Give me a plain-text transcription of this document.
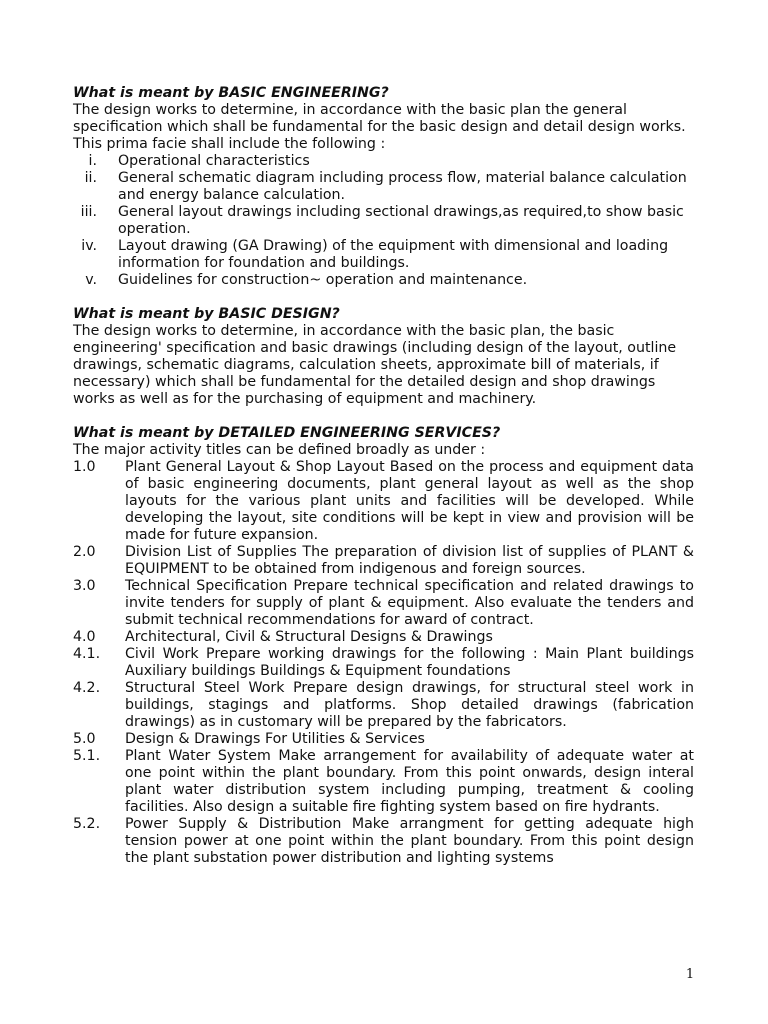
What is meant by BASIC ENGINEERING?

The design works to determine, in accordance with the basic plan the general specification which shall be fundamental for the basic design and detail design works.

This prima facie shall include the following :

i. Operational characteristics
ii. General schematic diagram including process flow, material balance calculation and energy balance calculation.
iii. General layout drawings including sectional drawings,as required,to show basic operation.
iv. Layout drawing (GA Drawing) of the equipment with dimensional and loading information for foundation and buildings.
v. Guidelines for construction~ operation and maintenance.

What is meant by BASIC DESIGN?

The design works to determine, in accordance with the basic plan, the basic engineering' specification and basic drawings (including design of the layout, outline drawings, schematic diagrams, calculation sheets, approximate bill of materials, if necessary) which shall be fundamental for the detailed design and shop drawings works as well as for the purchasing of equipment and machinery.

What is meant by DETAILED ENGINEERING SERVICES?

The major activity titles can be defined broadly as under :

1.0 Plant General Layout & Shop Layout Based on the process and equipment data of basic engineering documents, plant general layout as well as the shop layouts for the various plant units and facilities will be developed. While developing the layout, site conditions will be kept in view and provision will be made for future expansion.
2.0 Division List of Supplies The preparation of division list of supplies of PLANT & EQUIPMENT to be obtained from indigenous and foreign sources.
3.0 Technical Specification Prepare technical specification and related drawings to invite tenders for supply of plant & equipment. Also evaluate the tenders and submit technical recommendations for award of contract.
4.0 Architectural, Civil & Structural Designs & Drawings
4.1. Civil Work Prepare working drawings for the following : Main Plant buildings Auxiliary buildings Buildings & Equipment foundations
4.2. Structural Steel Work Prepare design drawings, for structural steel work in buildings, stagings and platforms. Shop detailed drawings (fabrication drawings) as in customary will be prepared by the fabricators.
5.0 Design & Drawings For Utilities & Services
5.1. Plant Water System Make arrangement for availability of adequate water at one point within the plant boundary. From this point onwards, design interal plant water distribution system including pumping, treatment & cooling facilities. Also design a suitable fire fighting system based on fire hydrants.
5.2. Power Supply & Distribution Make arrangment for getting adequate high tension power at one point within the plant boundary. From this point design the plant substation power distribution and lighting systems
1
